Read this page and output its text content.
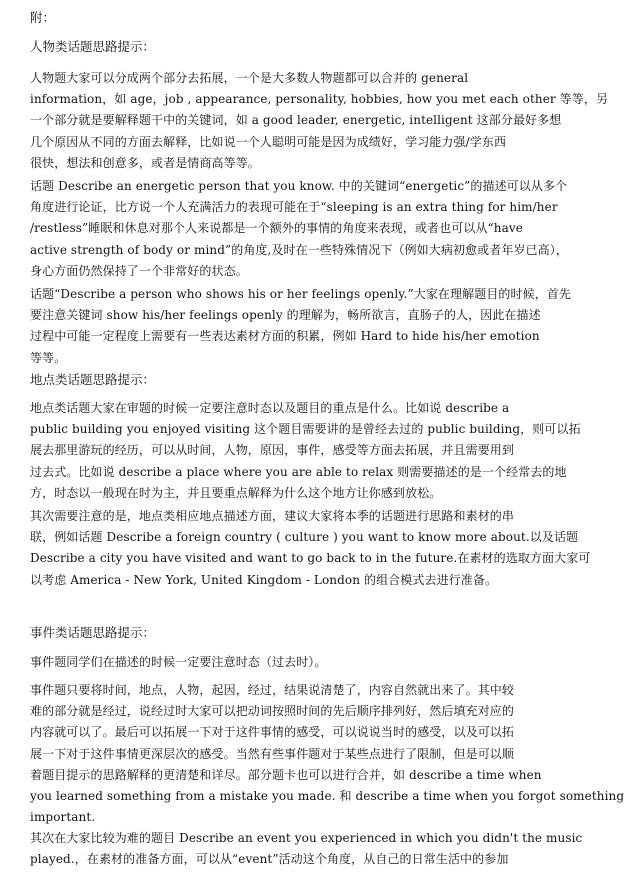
附：
人物类话题思路提示：
人物题大家可以分成两个部分去拓展，一个是大多数人物题都可以合并的 general
information，如 age，job , appearance, personality, hobbies, how you met each other 等等，另
一个部分就是要解释题干中的关键词，如 a good leader, energetic, intelligent 这部分最好多想
几个原因从不同的方面去解释，比如说一个人聪明可能是因为成绩好，学习能力强/学东西
很快，想法和创意多，或者是情商高等等。
话题 Describe an energetic person that you know. 中的关键词“energetic”的描述可以从多个
角度进行论证，比方说一个人充满活力的表现可能在于“sleeping is an extra thing for him/her
/restless”睡眠和休息对那个人来说都是一个额外的事情的角度来表现，或者也可以从“have
active strength of body or mind”的角度,及时在一些特殊情况下（例如大病初愈或者年岁已高），
身心方面仍然保持了一个非常好的状态。
话题“Describe a person who shows his or her feelings openly.”大家在理解题目的时候，首先
要注意关键词 show his/her feelings openly 的理解为，畅所欲言，直肠子的人，因此在描述
过程中可能一定程度上需要有一些表达素材方面的积累，例如 Hard to hide his/her emotion
等等。
地点类话题思路提示：
地点类话题大家在审题的时候一定要注意时态以及题目的重点是什么。比如说 describe a
public building you enjoyed visiting 这个题目需要讲的是曾经去过的 public building，则可以拓
展去那里游玩的经历，可以从时间，人物，原因，事件，感受等方面去拓展，并且需要用到
过去式。比如说 describe a place where you are able to relax 则需要描述的是一个经常去的地
方，时态以一般现在时为主，并且要重点解释为什么这个地方让你感到放松。
其次需要注意的是，地点类相应地点描述方面，建议大家将本季的话题进行思路和素材的串
联，例如话题 Describe a foreign country ( culture ) you want to know more about.以及话题
Describe a city you have visited and want to go back to in the future.在素材的选取方面大家可
以考虑 America - New York, United Kingdom - London 的组合模式去进行准备。
事件类话题思路提示：
事件题同学们在描述的时候一定要注意时态（过去时）。
事件题只要将时间，地点，人物，起因，经过，结果说清楚了，内容自然就出来了。其中较
难的部分就是经过，说经过时大家可以把动词按照时间的先后顺序排列好，然后填充对应的
内容就可以了。最后可以拓展一下对于这件事情的感受，可以说说当时的感受，以及可以拓
展一下对于这件事情更深层次的感受。当然有些事件题对于某些点进行了限制，但是可以顺
着题目提示的思路解释的更清楚和详尽。部分题卡也可以进行合并，如 describe a time when
you learned something from a mistake you made. 和 describe a time when you forgot something
important.
其次在大家比较为难的题目 Describe an event you experienced in which you didn't the music
played.，在素材的准备方面，可以从“event”活动这个角度，从自己的日常生活中的参加
